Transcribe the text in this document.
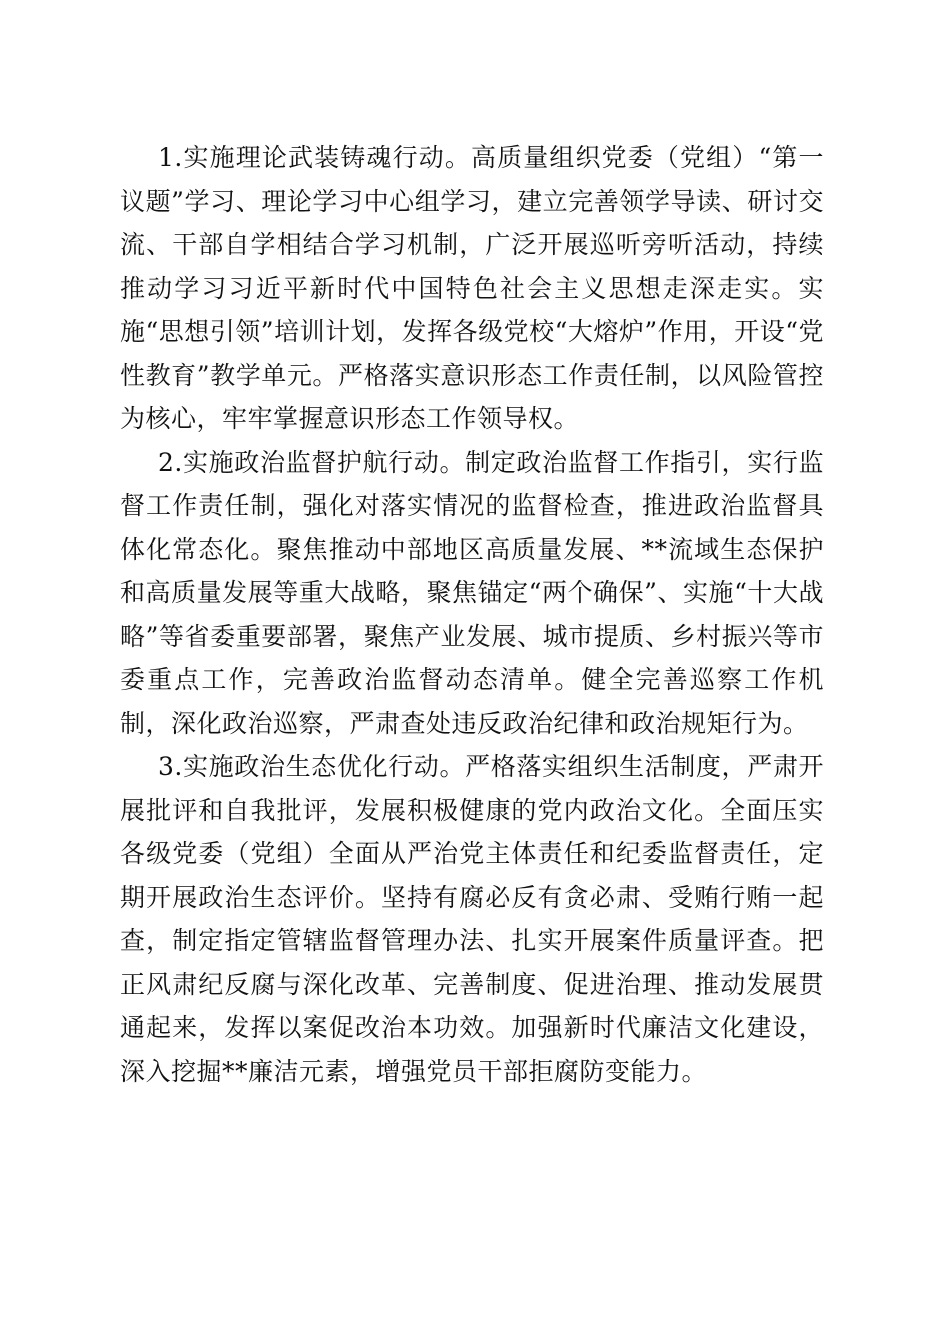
1.实施理论武装铸魂行动。高质量组织党委（党组）“第一议题”学习、理论学习中心组学习，建立完善领学导读、研讨交流、干部自学相结合学习机制，广泛开展巡听旁听活动，持续推动学习习近平新时代中国特色社会主义思想走深走实。实施“思想引领”培训计划，发挥各级党校“大熔炉”作用，开设“党性教育”教学单元。严格落实意识形态工作责任制，以风险管控为核心，牢牢掌握意识形态工作领导权。

2.实施政治监督护航行动。制定政治监督工作指引，实行监督工作责任制，强化对落实情况的监督检查，推进政治监督具体化常态化。聚焦推动中部地区高质量发展、**流域生态保护和高质量发展等重大战略，聚焦锚定“两个确保”、实施“十大战略”等省委重要部署，聚焦产业发展、城市提质、乡村振兴等市委重点工作，完善政治监督动态清单。健全完善巡察工作机制，深化政治巡察，严肃查处违反政治纪律和政治规矩行为。

3.实施政治生态优化行动。严格落实组织生活制度，严肃开展批评和自我批评，发展积极健康的党内政治文化。全面压实各级党委（党组）全面从严治党主体责任和纪委监督责任，定期开展政治生态评价。坚持有腐必反有贪必肃、受贿行贿一起查，制定指定管辖监督管理办法、扎实开展案件质量评查。把正风肃纪反腐与深化改革、完善制度、促进治理、推动发展贯通起来，发挥以案促改治本功效。加强新时代廉洁文化建设，深入挖掘**廉洁元素，增强党员干部拒腐防变能力。
